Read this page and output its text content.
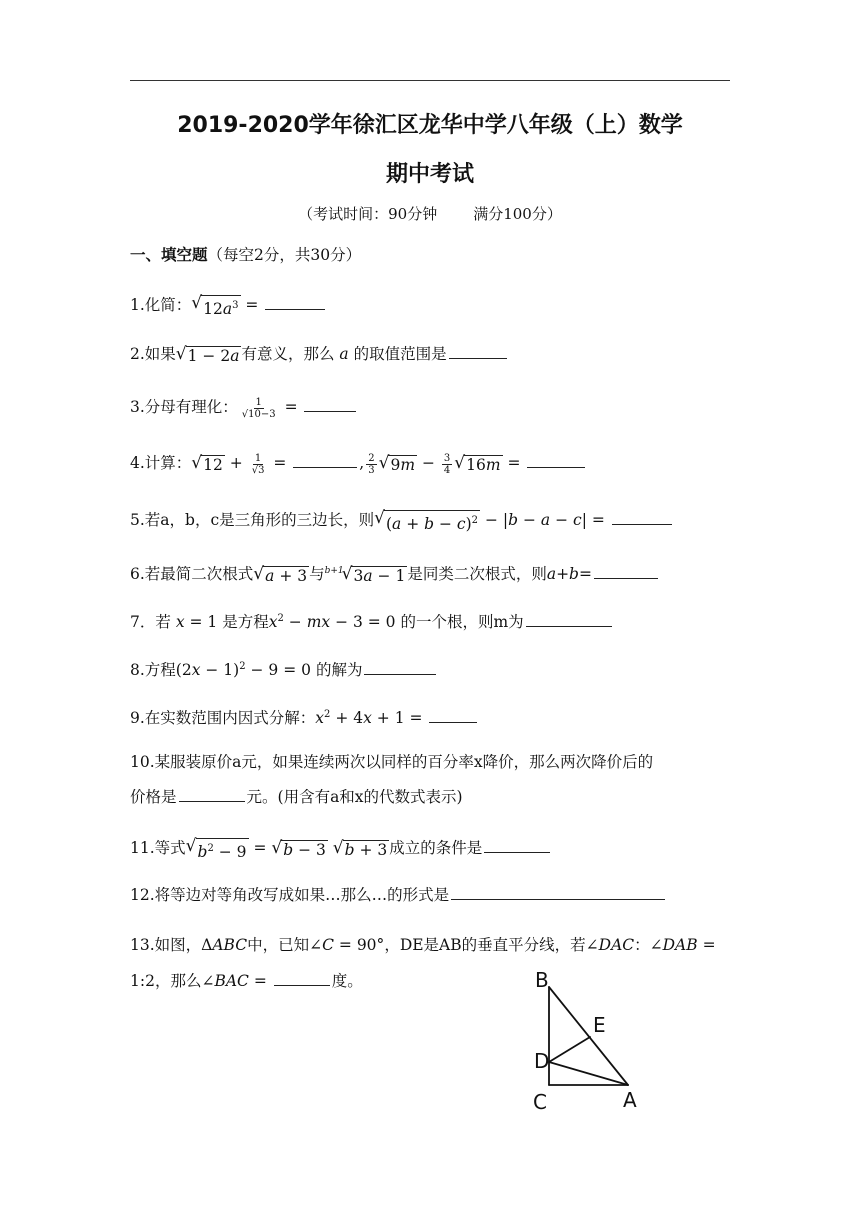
2019-2020学年徐汇区龙华中学八年级（上）数学
期中考试
（考试时间：90分钟 满分100分）
一、填空题（每空2分，共30分）
1.化简： √ $12a^3$ =
2.如果 √ 1 − 2a 有意义，那么 a 的取值范围是
3.分母有理化： $\frac{1}{√10-3}$ =
4.计算： √ $12 + \frac{1}{√3}$ =	, $\frac{2}{3}$ √ $9m - \frac{3}{4}$ √ 16m =
5.若a，b，c是三角形的三边长，则 √ $(a + b - c)^2 - |b - a - c|$ =
6.若最简二次根式 √ a + 3 与$^{b+1}$
√ 3a − 1 是同类二次根式，则a+b=
7．若 x = 1 是方程$x^2$ − mx − 3 = 0 的一个根，则m为
8.方程$(2x - 1)^2 - 9 = 0$ 的解为
9.在实数范围内因式分解：$x^2 + 4x + 1$ =
10.某服装原价a元，如果连续两次以同样的百分率x降价，那么两次降价后的
价格是	元。(用含有a和x的代数式表示)
11.等式 √ $b^2 - 9$ = √ b − 3
√ b + 3 成立的条件是
12.将等边对等角改写成如果…那么…的形式是
13.如图，ΔABC中，已知∠C = 90°，DE是AB的垂直平分线，若∠DAC：∠DAB =
1:2，那么∠BAC =	度。	B
E
D
C	A
